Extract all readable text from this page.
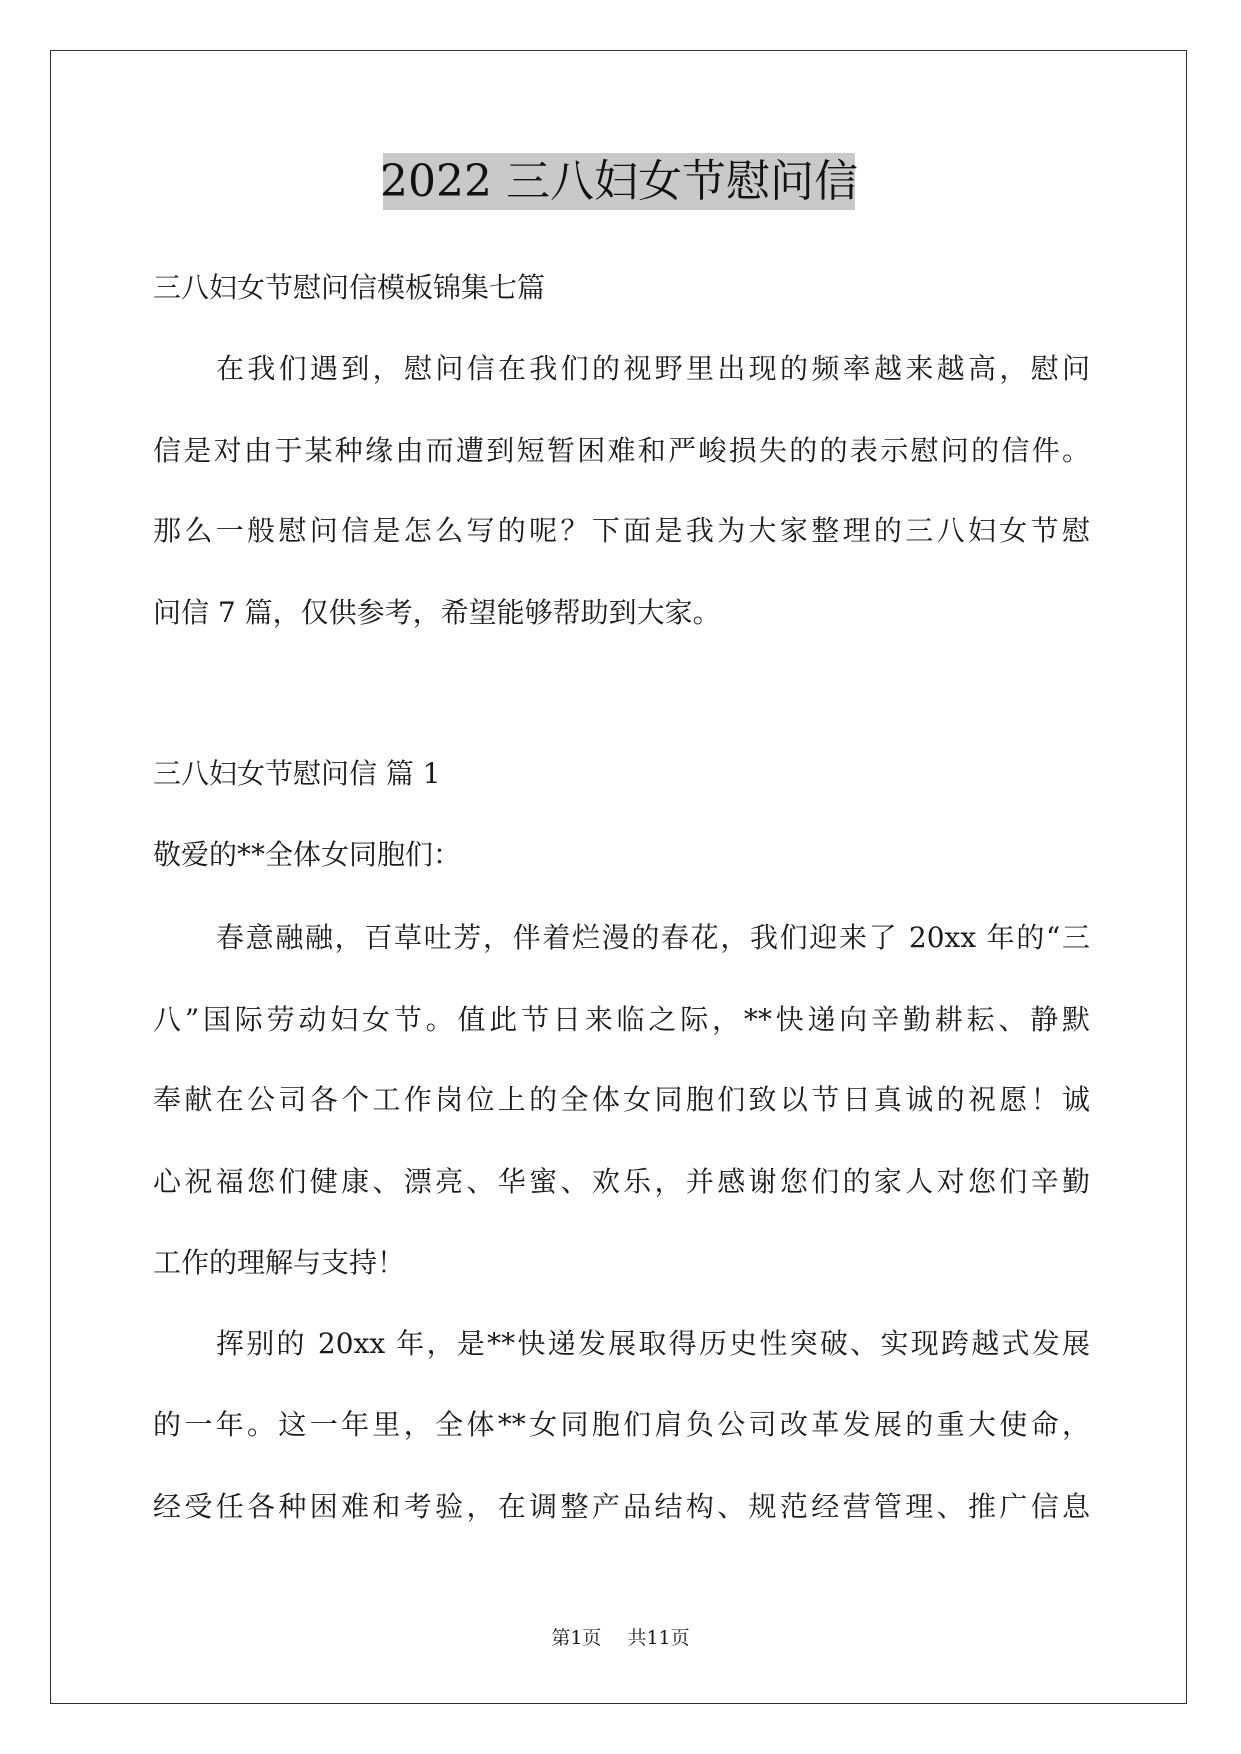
2022 三八妇女节慰问信
三八妇女节慰问信模板锦集七篇
在我们遇到，慰问信在我们的视野里出现的频率越来越高，慰问
信是对由于某种缘由而遭到短暂困难和严峻损失的的表示慰问的信件。
那么一般慰问信是怎么写的呢？下面是我为大家整理的三八妇女节慰
问信 7 篇，仅供参考，希望能够帮助到大家。
三八妇女节慰问信 篇 1
敬爱的**全体女同胞们：
春意融融，百草吐芳，伴着烂漫的春花，我们迎来了 20xx 年的“三
八”国际劳动妇女节。值此节日来临之际，**快递向辛勤耕耘、静默
奉献在公司各个工作岗位上的全体女同胞们致以节日真诚的祝愿！诚
心祝福您们健康、漂亮、华蜜、欢乐，并感谢您们的家人对您们辛勤
工作的理解与支持！
挥别的 20xx 年，是**快递发展取得历史性突破、实现跨越式发展
的一年。这一年里，全体**女同胞们肩负公司改革发展的重大使命，
经受任各种困难和考验，在调整产品结构、规范经营管理、推广信息
第1页 共11页
